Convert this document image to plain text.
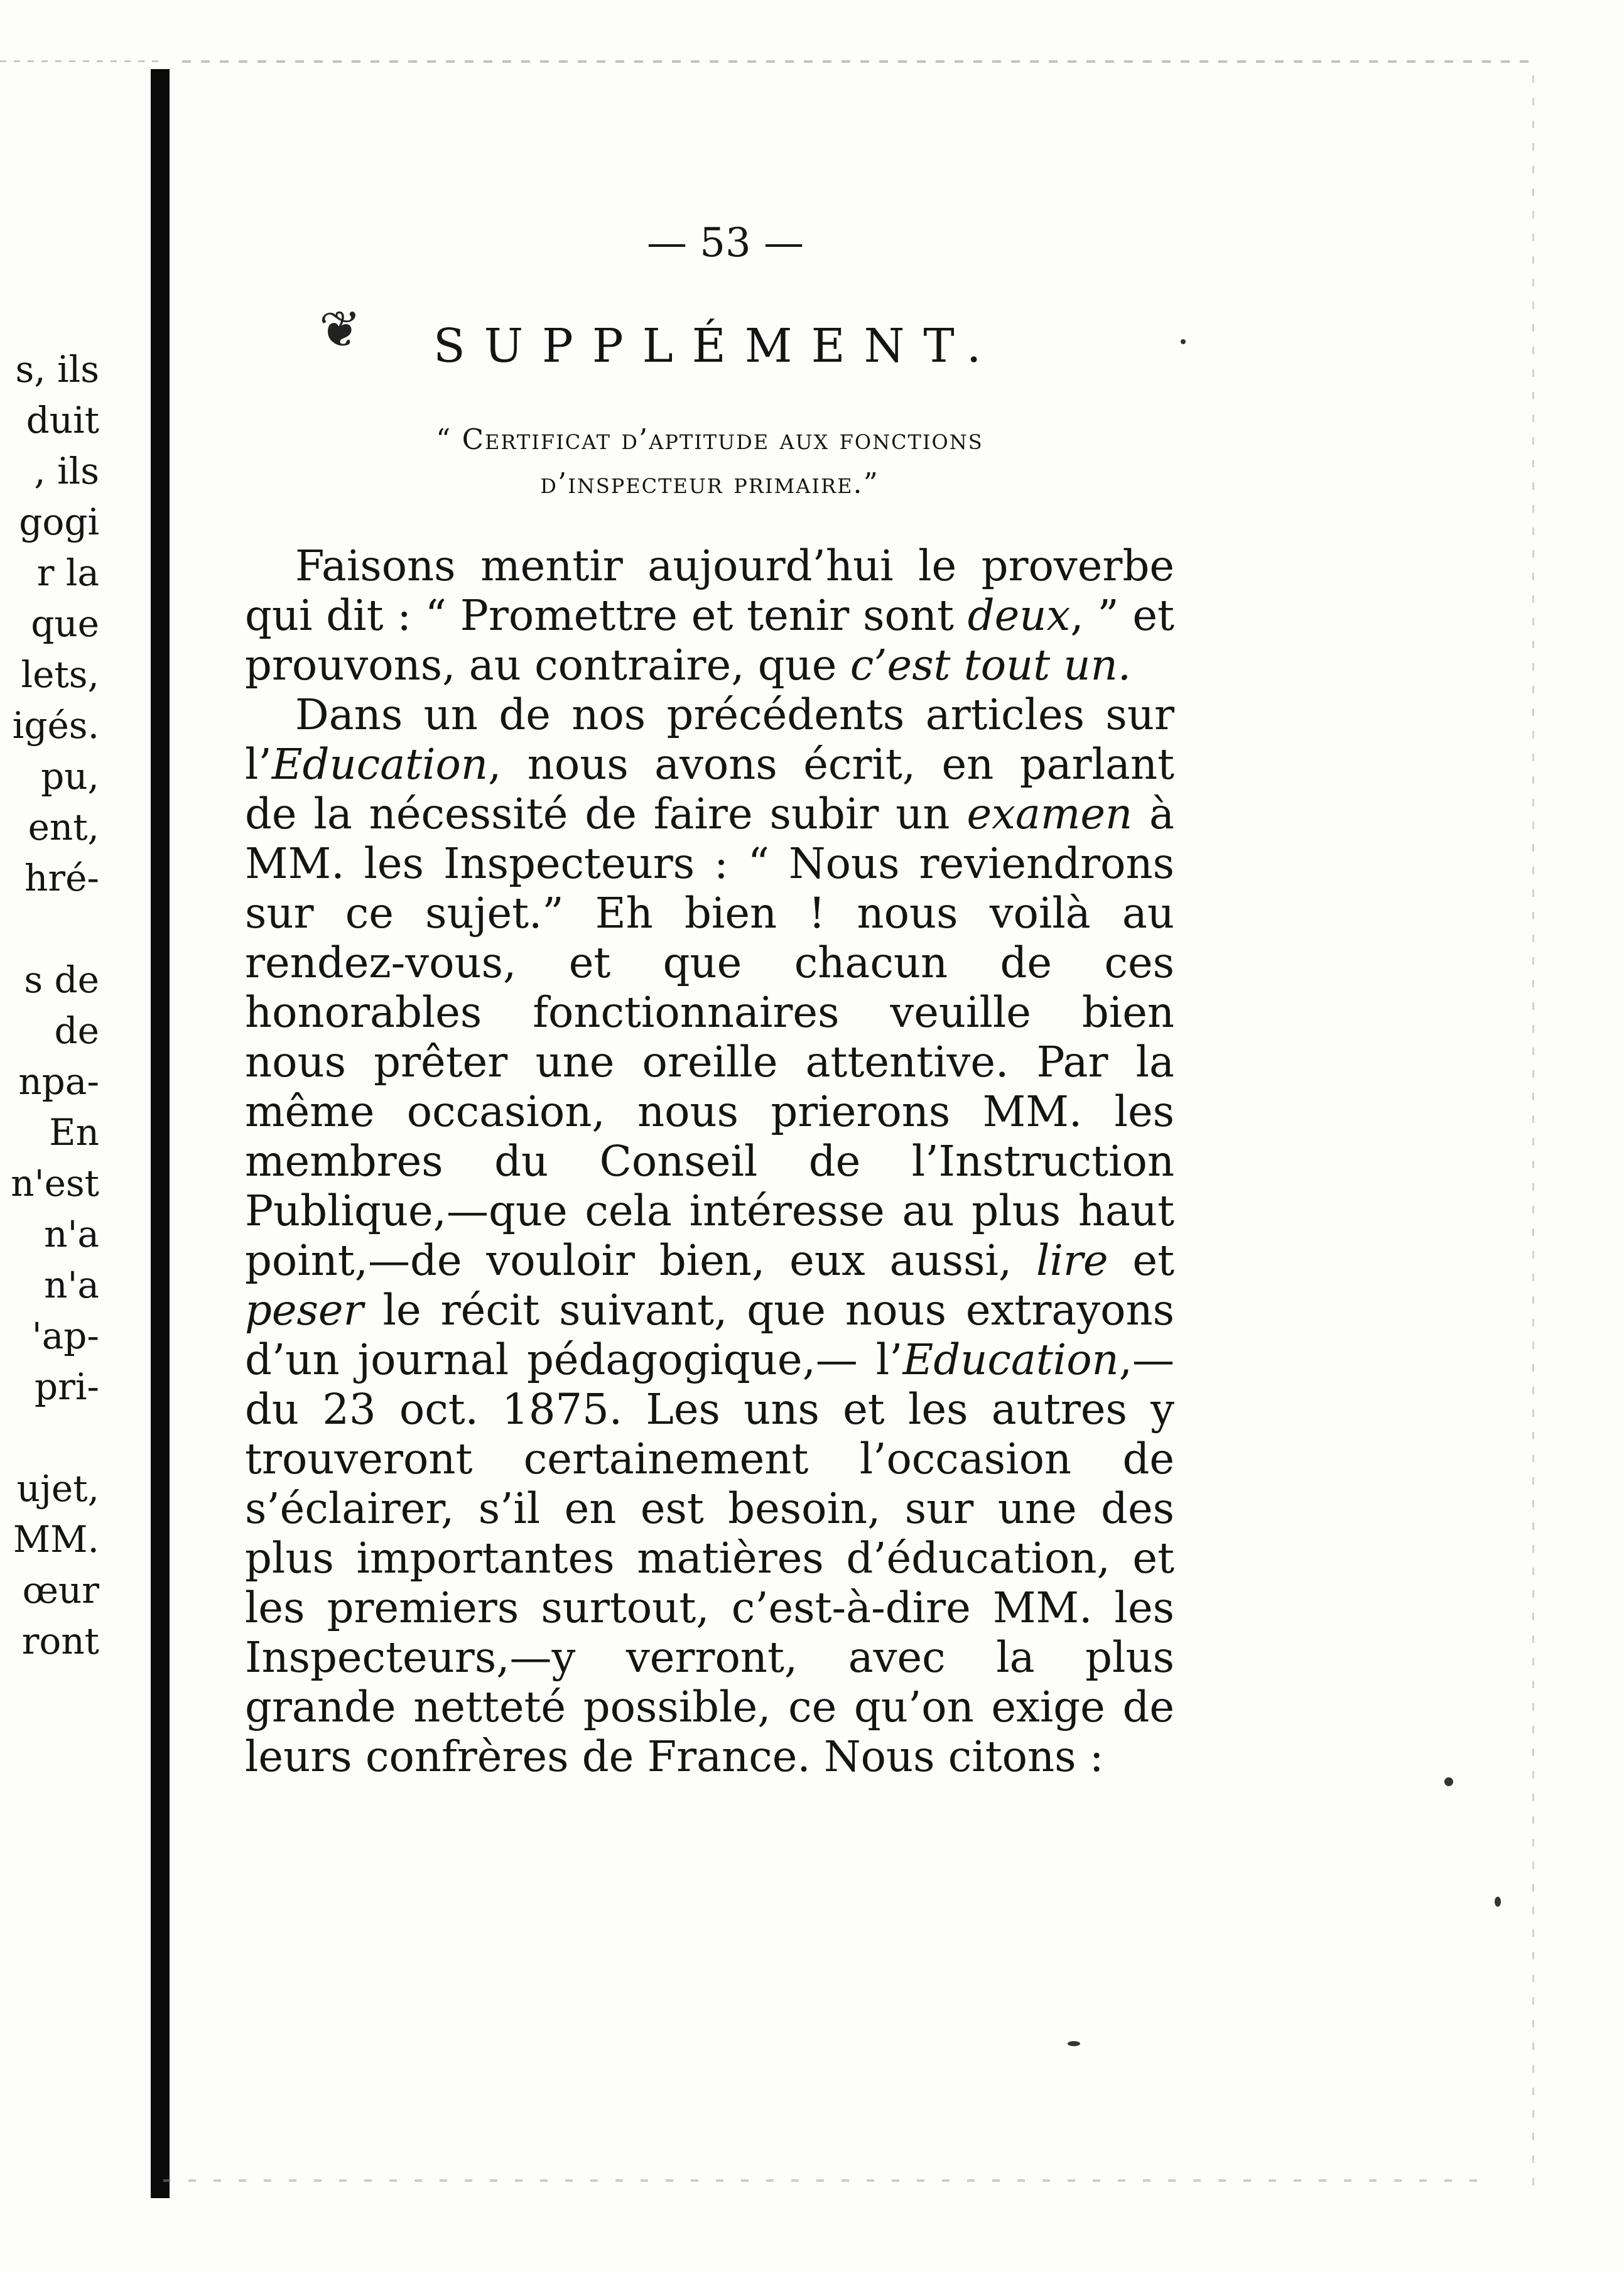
s, ils
duit
, ils
gogi
r la
que
lets,
igés.
pu,
ent,
hré-
s de
de
npa-
En
n'est
n'a
n'a
'ap-
pri-
ujet,
MM.
œur
ront
— 53 —
❦ SUPPLÉMENT.
“ Certificat d’aptitude aux fonctions
d’inspecteur primaire.”

Faisons mentir aujourd’hui le proverbe qui dit : “ Promettre et tenir sont deux, ” et prouvons, au contraire, que c’est tout un.

Dans un de nos précédents articles sur l’Education, nous avons écrit, en parlant de la nécessité de faire subir un examen à MM. les Inspecteurs : “ Nous reviendrons sur ce sujet.” Eh bien ! nous voilà au rendez-vous, et que chacun de ces honorables fonctionnaires veuille bien nous prêter une oreille attentive. Par la même occasion, nous prierons MM. les membres du Conseil de l’Instruction Publique,—que cela intéresse au plus haut point,—de vouloir bien, eux aussi, lire et peser le récit suivant, que nous extrayons d’un journal pédagogique,— l’Education,—du 23 oct. 1875. Les uns et les autres y trouveront certainement l’occasion de s’éclairer, s’il en est besoin, sur une des plus importantes matières d’éducation, et les premiers surtout, c’est-à-dire MM. les Inspecteurs,—y verront, avec la plus grande netteté possible, ce qu’on exige de leurs confrères de France. Nous citons :
